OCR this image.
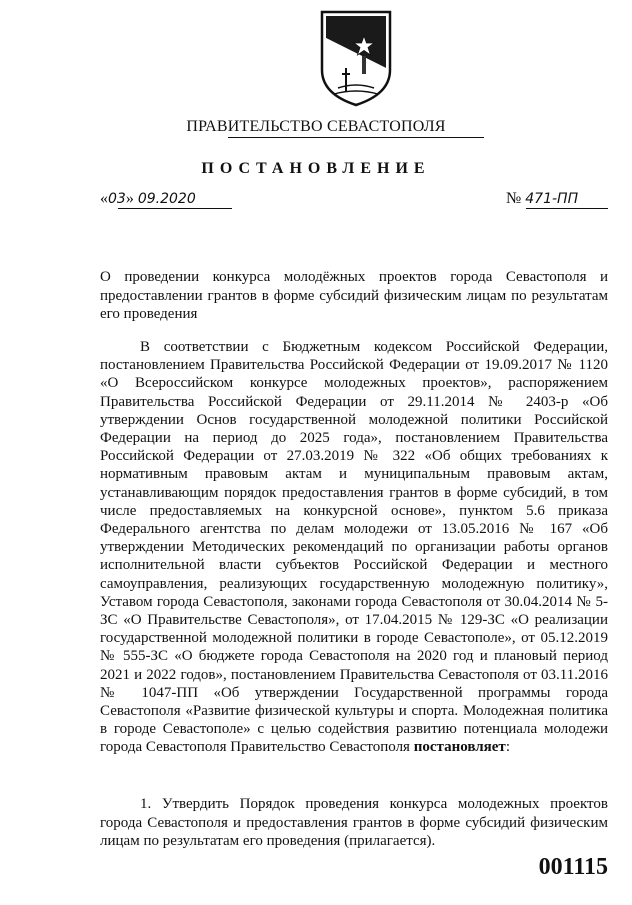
ПРАВИТЕЛЬСТВО СЕВАСТОПОЛЯ
ПОСТАНОВЛЕНИЕ
«03» 09.2020	№ 471-ПП
О проведении конкурса молодёжных проектов города Севастополя и предоставлении грантов в форме субсидий физическим лицам по результатам его проведения
В соответствии с Бюджетным кодексом Российской Федерации, постановлением Правительства Российской Федерации от 19.09.2017 № 1120 «О Всероссийском конкурсе молодежных проектов», распоряжением Правительства Российской Федерации от 29.11.2014 № 2403-р «Об утверждении Основ государственной молодежной политики Российской Федерации на период до 2025 года», постановлением Правительства Российской Федерации от 27.03.2019 № 322 «Об общих требованиях к нормативным правовым актам и муниципальным правовым актам, устанавливающим порядок предоставления грантов в форме субсидий, в том числе предоставляемых на конкурсной основе», пунктом 5.6 приказа Федерального агентства по делам молодежи от 13.05.2016 № 167 «Об утверждении Методических рекомендаций по организации работы органов исполнительной власти субъектов Российской Федерации и местного самоуправления, реализующих государственную молодежную политику», Уставом города Севастополя, законами города Севастополя от 30.04.2014 № 5-ЗС «О Правительстве Севастополя», от 17.04.2015 № 129-ЗС «О реализации государственной молодежной политики в городе Севастополе», от 05.12.2019 № 555-ЗС «О бюджете города Севастополя на 2020 год и плановый период 2021 и 2022 годов», постановлением Правительства Севастополя от 03.11.2016 № 1047-ПП «Об утверждении Государственной программы города Севастополя «Развитие физической культуры и спорта. Молодежная политика в городе Севастополе» с целью содействия развитию потенциала молодежи города Севастополя Правительство Севастополя постановляет:
1. Утвердить Порядок проведения конкурса молодежных проектов города Севастополя и предоставления грантов в форме субсидий физическим лицам по результатам его проведения (прилагается).
001115
